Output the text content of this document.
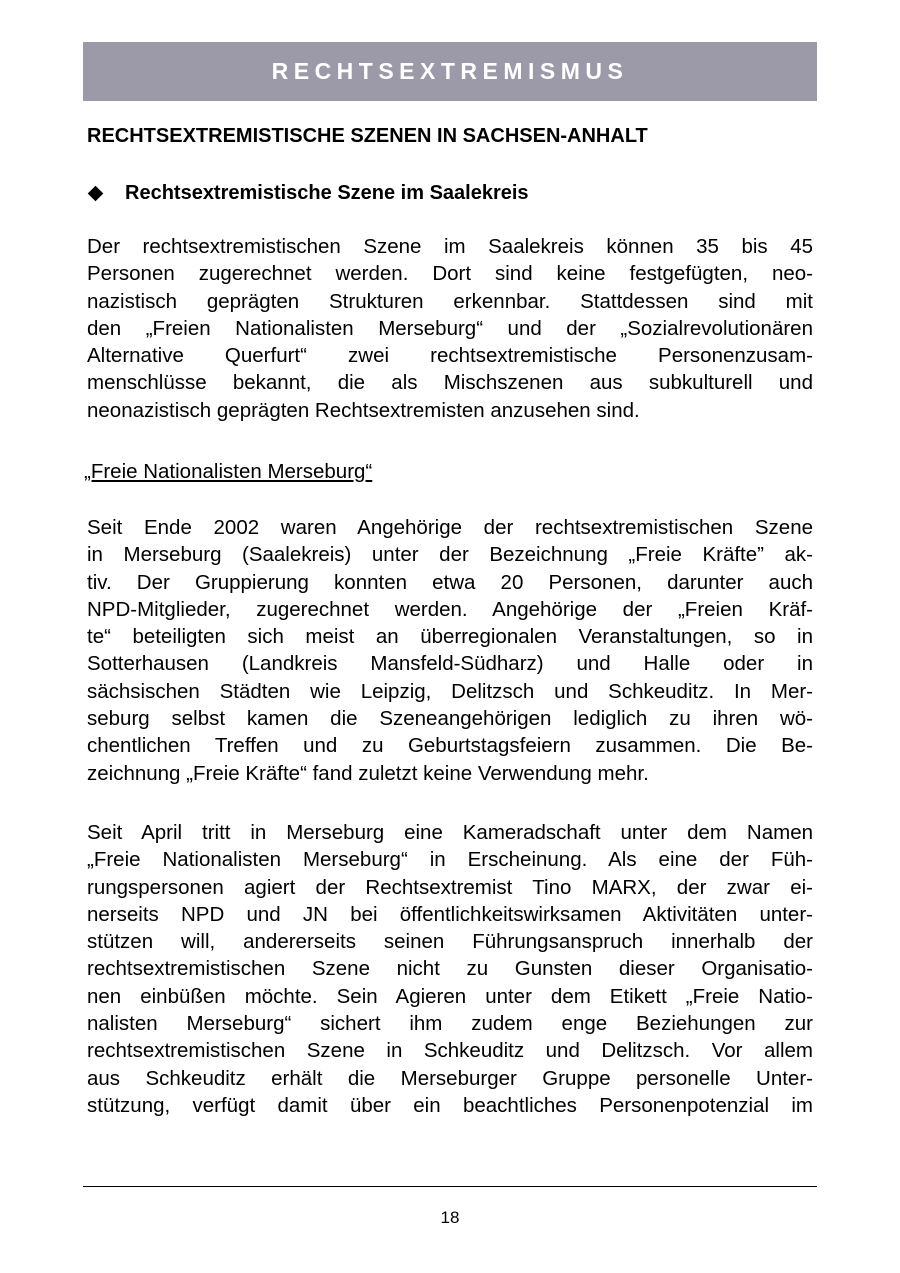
RECHTSEXTREMISMUS
RECHTSEXTREMISTISCHE SZENEN IN SACHSEN-ANHALT
Rechtsextremistische Szene im Saalekreis

Der rechtsextremistischen Szene im Saalekreis können 35 bis 45
Personen zugerechnet werden. Dort sind keine festgefügten, neo-
nazistisch geprägten Strukturen erkennbar. Stattdessen sind mit
den „Freien Nationalisten Merseburg“ und der „Sozialrevolutionären
Alternative Querfurt“ zwei rechtsextremistische Personenzusam-
menschlüsse bekannt, die als Mischszenen aus subkulturell und
neonazistisch geprägten Rechtsextremisten anzusehen sind.

„Freie Nationalisten Merseburg“

Seit Ende 2002 waren Angehörige der rechtsextremistischen Szene
in Merseburg (Saalekreis) unter der Bezeichnung „Freie Kräfte” ak-
tiv. Der Gruppierung konnten etwa 20 Personen, darunter auch
NPD-Mitglieder, zugerechnet werden. Angehörige der „Freien Kräf-
te“ beteiligten sich meist an überregionalen Veranstaltungen, so in
Sotterhausen (Landkreis Mansfeld-Südharz) und Halle oder in
sächsischen Städten wie Leipzig, Delitzsch und Schkeuditz. In Mer-
seburg selbst kamen die Szeneangehörigen lediglich zu ihren wö-
chentlichen Treffen und zu Geburtstagsfeiern zusammen. Die Be-
zeichnung „Freie Kräfte“ fand zuletzt keine Verwendung mehr.

Seit April tritt in Merseburg eine Kameradschaft unter dem Namen
„Freie Nationalisten Merseburg“ in Erscheinung. Als eine der Füh-
rungspersonen agiert der Rechtsextremist Tino MARX, der zwar ei-
nerseits NPD und JN bei öffentlichkeitswirksamen Aktivitäten unter-
stützen will, andererseits seinen Führungsanspruch innerhalb der
rechtsextremistischen Szene nicht zu Gunsten dieser Organisatio-
nen einbüßen möchte. Sein Agieren unter dem Etikett „Freie Natio-
nalisten Merseburg“ sichert ihm zudem enge Beziehungen zur
rechtsextremistischen Szene in Schkeuditz und Delitzsch. Vor allem
aus Schkeuditz erhält die Merseburger Gruppe personelle Unter-
stützung, verfügt damit über ein beachtliches Personenpotenzial im

18
